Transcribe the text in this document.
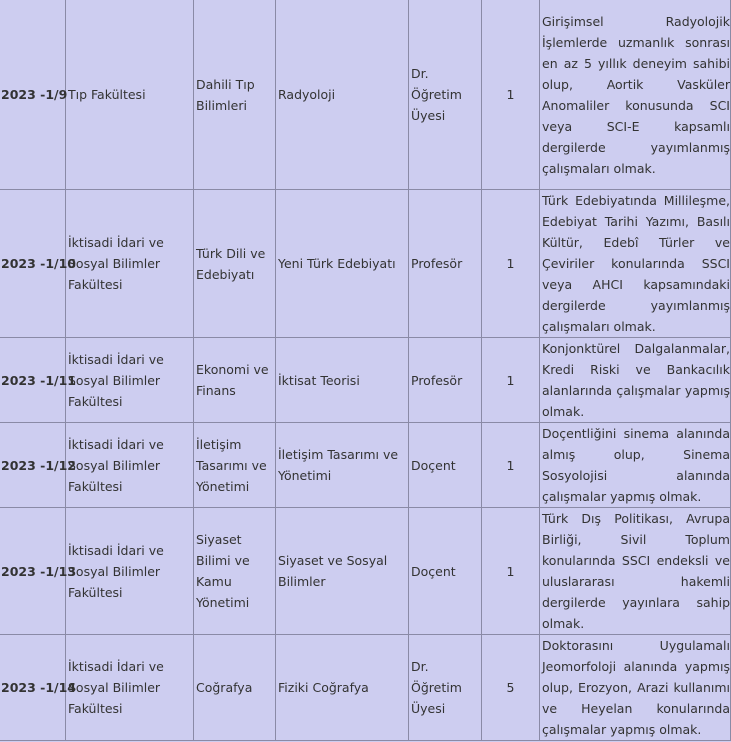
2023 -1/9	Tıp Fakültesi	Dahili Tıp Bilimleri	Radyoloji	Dr. Öğretim Üyesi	1	Girişimsel Radyolojik İşlemlerde uzmanlık sonrası en az 5 yıllık deneyim sahibi olup, Aortik Vasküler Anomaliler konusunda SCI veya SCI-E kapsamlı dergilerde yayımlanmış çalışmaları olmak.
2023 -1/10	İktisadi İdari ve Sosyal Bilimler Fakültesi	Türk Dili ve Edebiyatı	Yeni Türk Edebiyatı	Profesör	1	Türk Edebiyatında Millileşme, Edebiyat Tarihi Yazımı, Basılı Kültür, Edebî Türler ve Çeviriler konularında SSCI veya AHCI kapsamındaki dergilerde yayımlanmış çalışmaları olmak.
2023 -1/11	İktisadi İdari ve Sosyal Bilimler Fakültesi	Ekonomi ve Finans	İktisat Teorisi	Profesör	1	Konjonktürel Dalgalanmalar, Kredi Riski ve Bankacılık alanlarında çalışmalar yapmış olmak.
2023 -1/12	İktisadi İdari ve Sosyal Bilimler Fakültesi	İletişim Tasarımı ve Yönetimi	İletişim Tasarımı ve Yönetimi	Doçent	1	Doçentliğini sinema alanında almış olup, Sinema Sosyolojisi alanında çalışmalar yapmış olmak.
2023 -1/13	İktisadi İdari ve Sosyal Bilimler Fakültesi	Siyaset Bilimi ve Kamu Yönetimi	Siyaset ve Sosyal Bilimler	Doçent	1	Türk Dış Politikası, Avrupa Birliği, Sivil Toplum konularında SSCI endeksli ve uluslararası hakemli dergilerde yayınlara sahip olmak.
2023 -1/14	İktisadi İdari ve Sosyal Bilimler Fakültesi	Coğrafya	Fiziki Coğrafya	Dr. Öğretim Üyesi	5	Doktorasını Uygulamalı Jeomorfoloji alanında yapmış olup, Erozyon, Arazi kullanımı ve Heyelan konularında çalışmalar yapmış olmak.
